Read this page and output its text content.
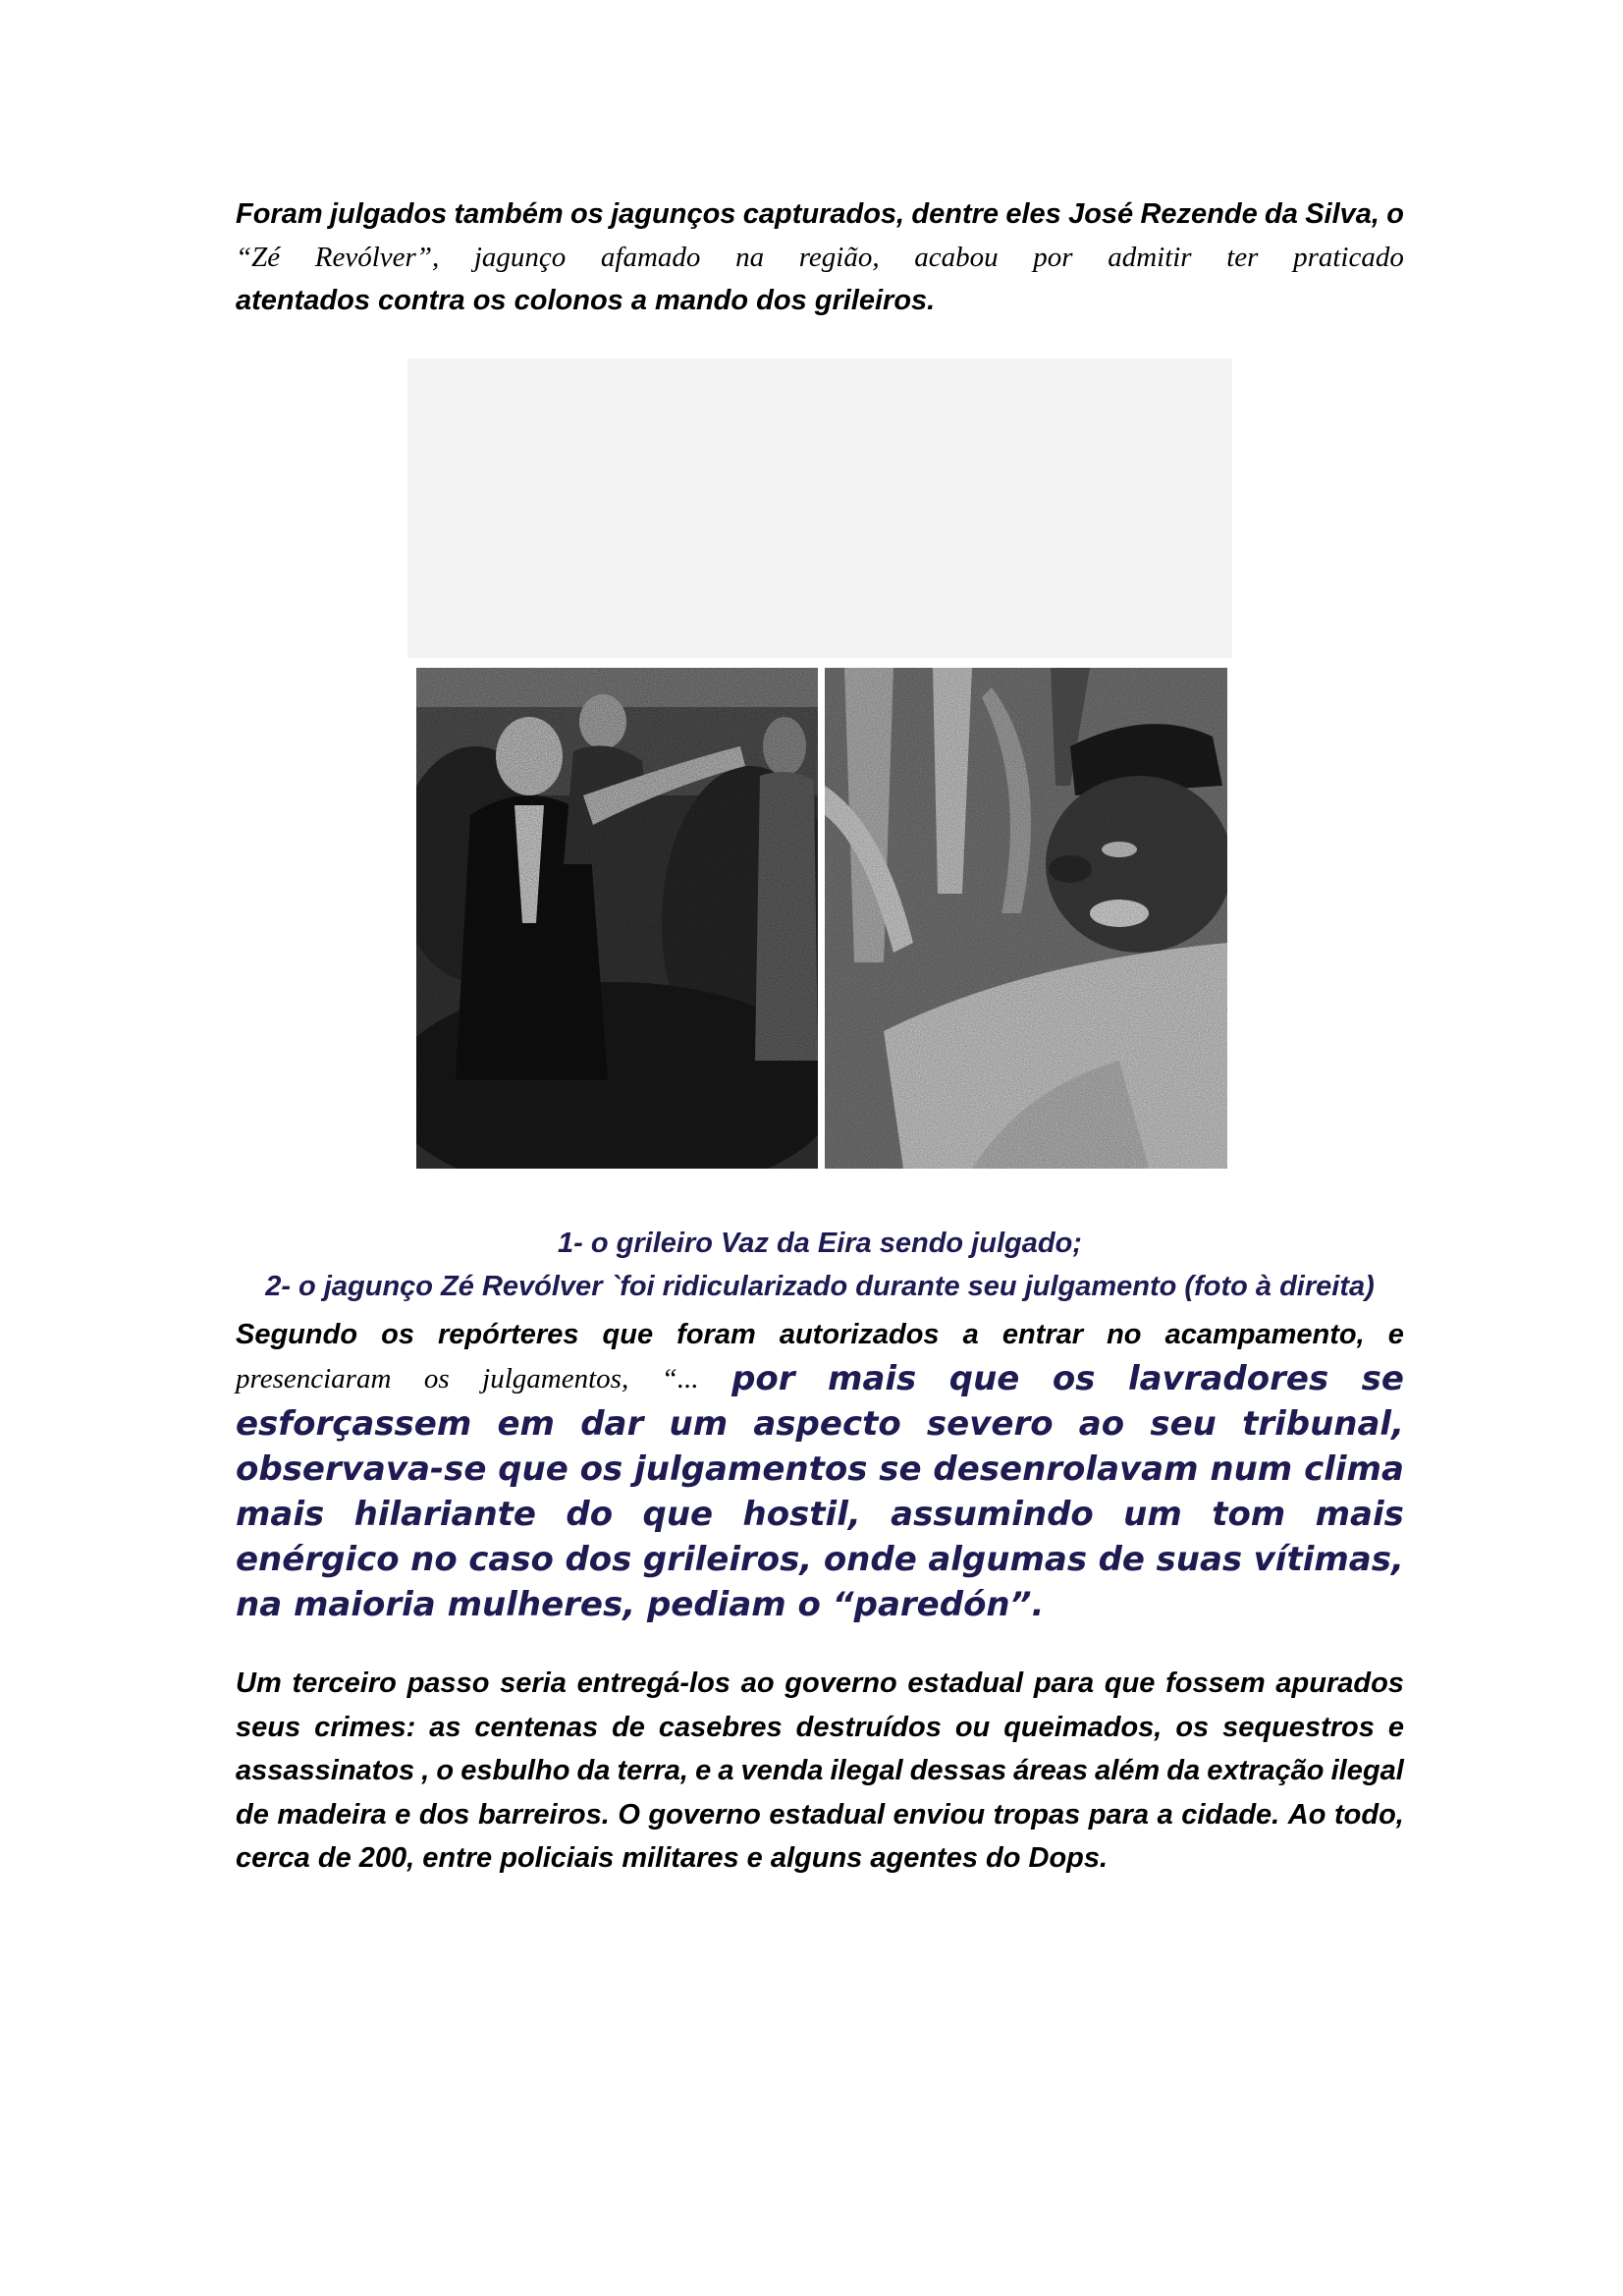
Foram julgados também os jagunços capturados, dentre eles José Rezende da Silva, o
“Zé Revólver”, jagunço afamado na região, acabou por admitir ter praticado
atentados contra os colonos a mando dos grileiros.
1- o grileiro Vaz da Eira sendo julgado;
2- o jagunço Zé Revólver `foi ridicularizado durante seu julgamento (foto à direita)
Segundo os repórteres que foram autorizados a entrar no acampamento, e
presenciaram os julgamentos, “... por mais que os lavradores se
esforçassem em dar um aspecto severo ao seu tribunal,
observava-se que os julgamentos se desenrolavam num clima
mais hilariante do que hostil, assumindo um tom mais
enérgico no caso dos grileiros, onde algumas de suas vítimas,
na maioria mulheres, pediam o “paredón”.
Um terceiro passo seria entregá-los ao governo estadual para que fossem apurados
seus crimes: as centenas de casebres destruídos ou queimados, os sequestros e
assassinatos , o esbulho da terra, e a venda ilegal dessas áreas além da extração ilegal
de madeira e dos barreiros. O governo estadual enviou tropas para a cidade. Ao todo,
cerca de 200, entre policiais militares e alguns agentes do Dops.
